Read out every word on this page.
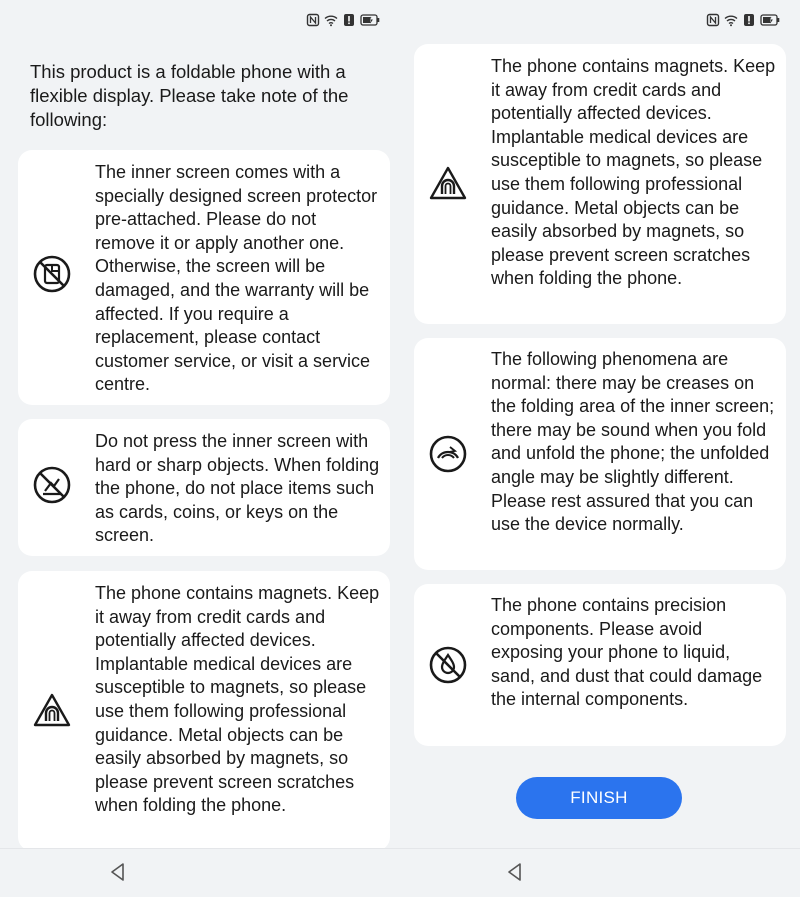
This product is a foldable phone with a flexible display. Please take note of the following:
The inner screen comes with a specially designed screen protector pre-attached. Please do not remove it or apply another one. Otherwise, the screen will be damaged, and the warranty will be affected. If you require a replacement, please contact customer service, or visit a service centre.
Do not press the inner screen with hard or sharp objects. When folding the phone, do not place items such as cards, coins, or keys on the screen.
The phone contains magnets. Keep it away from credit cards and potentially affected devices. Implantable medical devices are susceptible to magnets, so please use them following professional guidance. Metal objects can be easily absorbed by magnets, so please prevent screen scratches when folding the phone.
The phone contains magnets. Keep it away from credit cards and potentially affected devices. Implantable medical devices are susceptible to magnets, so please use them following professional guidance. Metal objects can be easily absorbed by magnets, so please prevent screen scratches when folding the phone.
The following phenomena are normal: there may be creases on the folding area of the inner screen; there may be sound when you fold and unfold the phone; the unfolded angle may be slightly different. Please rest assured that you can use the device normally.
The phone contains precision components. Please avoid exposing your phone to liquid, sand, and dust that could damage the internal components.
FINISH
